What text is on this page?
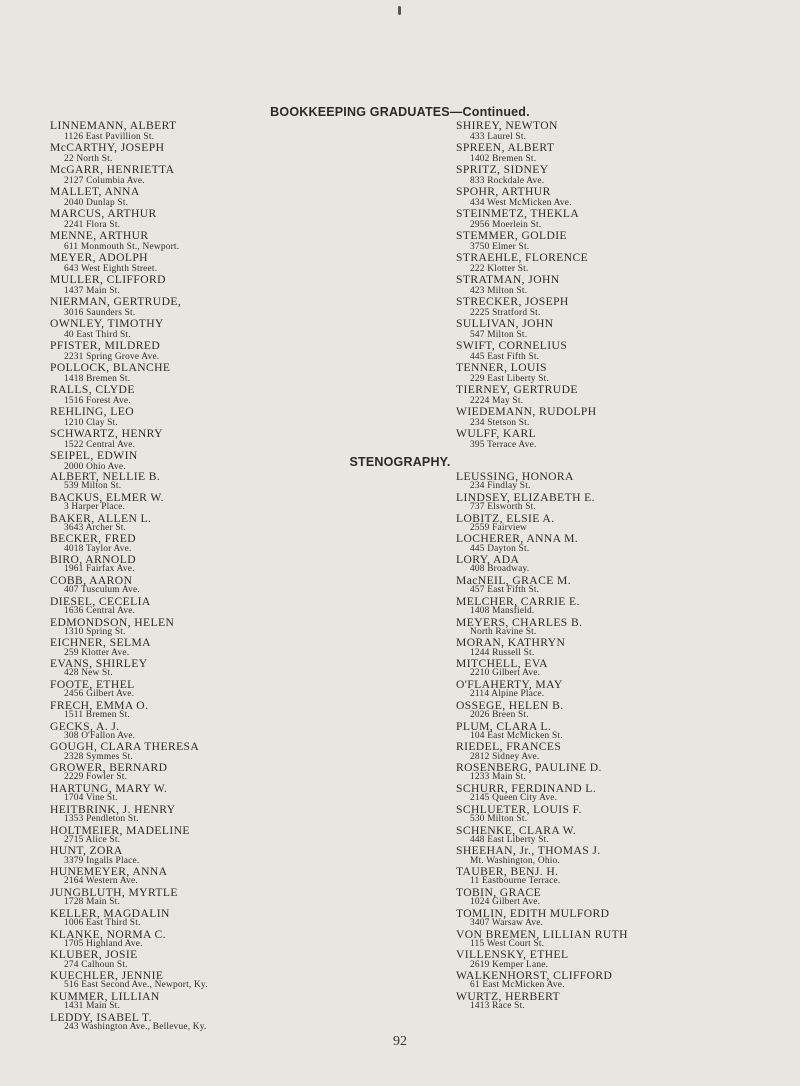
BOOKKEEPING GRADUATES—Continued.
LINNEMANN, ALBERT
1126 East Pavillion St.
McCARTHY, JOSEPH
22 North St.
McGARR, HENRIETTA
2127 Columbia Ave.
MALLET, ANNA
2040 Dunlap St.
MARCUS, ARTHUR
2241 Flora St.
MENNE, ARTHUR
611 Monmouth St., Newport.
MEYER, ADOLPH
643 West Eighth Street.
MULLER, CLIFFORD
1437 Main St.
NIERMAN, GERTRUDE,
3016 Saunders St.
OWNLEY, TIMOTHY
40 East Third St.
PFISTER, MILDRED
2231 Spring Grove Ave.
POLLOCK, BLANCHE
1418 Bremen St.
RALLS, CLYDE
1516 Forest Ave.
REHLING, LEO
1210 Clay St.
SCHWARTZ, HENRY
1522 Central Ave.
SEIPEL, EDWIN
2000 Ohio Ave.
SHIREY, NEWTON
433 Laurel St.
SPREEN, ALBERT
1402 Bremen St.
SPRITZ, SIDNEY
833 Rockdale Ave.
SPOHR, ARTHUR
434 West McMicken Ave.
STEINMETZ, THEKLA
2956 Moerlein St.
STEMMER, GOLDIE
3750 Elmer St.
STRAEHLE, FLORENCE
222 Klotter St.
STRATMAN, JOHN
423 Milton St.
STRECKER, JOSEPH
2225 Stratford St.
SULLIVAN, JOHN
547 Milton St.
SWIFT, CORNELIUS
445 East Fifth St.
TENNER, LOUIS
229 East Liberty St.
TIERNEY, GERTRUDE
2224 May St.
WIEDEMANN, RUDOLPH
234 Stetson St.
WULFF, KARL
395 Terrace Ave.
STENOGRAPHY.
ALBERT, NELLIE B.
539 Milton St.
BACKUS, ELMER W.
3 Harper Place.
BAKER, ALLEN L.
3643 Archer St.
BECKER, FRED
4018 Taylor Ave.
BIRO, ARNOLD
1961 Fairfax Ave.
COBB, AARON
407 Tusculum Ave.
DIESEL, CECELIA
1636 Central Ave.
EDMONDSON, HELEN
1310 Spring St.
EICHNER, SELMA
259 Klotter Ave.
EVANS, SHIRLEY
428 New St.
FOOTE, ETHEL
2456 Gilbert Ave.
FRECH, EMMA O.
1511 Bremen St.
GECKS, A. J.
308 O'Fallon Ave.
GOUGH, CLARA THERESA
2328 Symmes St.
GROWER, BERNARD
2229 Fowler St.
HARTUNG, MARY W.
1704 Vine St.
HEITBRINK, J. HENRY
1353 Pendleton St.
HOLTMEIER, MADELINE
2715 Alice St.
HUNT, ZORA
3379 Ingalls Place.
HUNEMEYER, ANNA
2164 Western Ave.
JUNGBLUTH, MYRTLE
1728 Main St.
KELLER, MAGDALIN
1006 East Third St.
KLANKE, NORMA C.
1705 Highland Ave.
KLUBER, JOSIE
274 Calhoun St.
KUECHLER, JENNIE
516 East Second Ave., Newport, Ky.
KUMMER, LILLIAN
1431 Main St.
LEDDY, ISABEL T.
243 Washington Ave., Bellevue, Ky.
LEUSSING, HONORA
234 Findlay St.
LINDSEY, ELIZABETH E.
737 Elsworth St.
LOBITZ, ELSIE A.
2559 Fairview
LOCHERER, ANNA M.
445 Dayton St.
LORY, ADA
408 Broadway.
MacNEIL, GRACE M.
457 East Fifth St.
MELCHER, CARRIE E.
1408 Mansfield.
MEYERS, CHARLES B.
North Ravine St.
MORAN, KATHRYN
1244 Russell St.
MITCHELL, EVA
2210 Gilbert Ave.
O'FLAHERTY, MAY
2114 Alpine Place.
OSSEGE, HELEN B.
2026 Breen St.
PLUM, CLARA L.
104 East McMicken St.
RIEDEL, FRANCES
2812 Sidney Ave.
ROSENBERG, PAULINE D.
1233 Main St.
SCHURR, FERDINAND L.
2145 Queen City Ave.
SCHLUETER, LOUIS F.
530 Milton St.
SCHENKE, CLARA W.
448 East Liberty St.
SHEEHAN, Jr., THOMAS J.
Mt. Washington, Ohio.
TAUBER, BENJ. H.
11 Eastbourne Terrace.
TOBIN, GRACE
1024 Gilbert Ave.
TOMLIN, EDITH MULFORD
3407 Warsaw Ave.
VON BREMEN, LILLIAN RUTH
115 West Court St.
VILLENSKY, ETHEL
2619 Kemper Lane.
WALKENHORST, CLIFFORD
61 East McMicken Ave.
WURTZ, HERBERT
1413 Race St.
92
